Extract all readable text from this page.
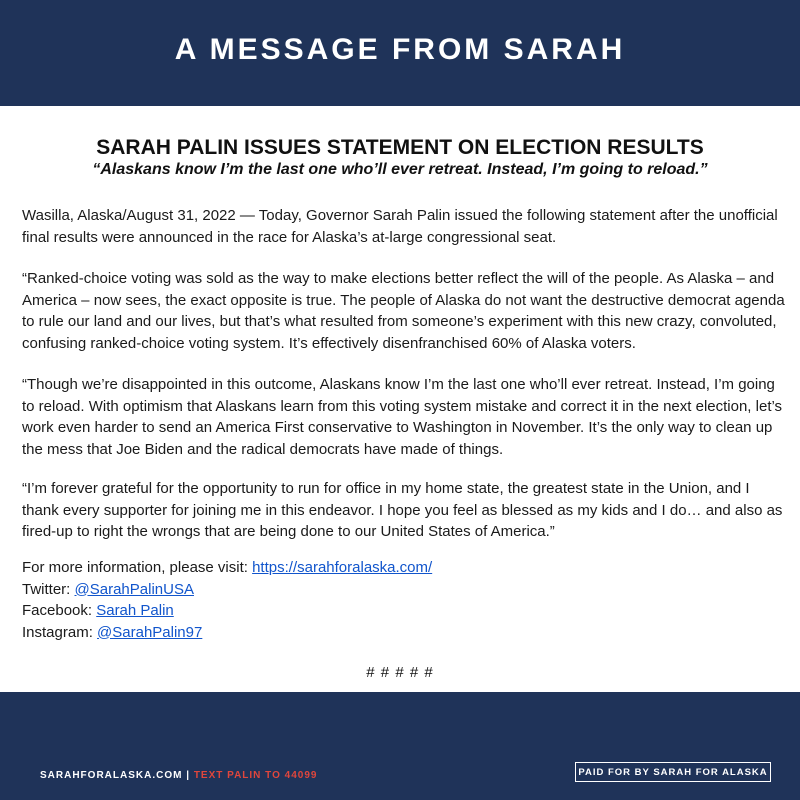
A MESSAGE FROM SARAH
SARAH PALIN ISSUES STATEMENT ON ELECTION RESULTS
“Alaskans know I’m the last one who’ll ever retreat. Instead, I’m going to reload.”

Wasilla, Alaska/August 31, 2022 — Today, Governor Sarah Palin issued the following statement after the unofficial final results were announced in the race for Alaska’s at-large congressional seat.

“Ranked-choice voting was sold as the way to make elections better reflect the will of the people. As Alaska – and America – now sees, the exact opposite is true. The people of Alaska do not want the destructive democrat agenda to rule our land and our lives, but that’s what resulted from someone’s experiment with this new crazy, convoluted, confusing ranked-choice voting system. It’s effectively disenfranchised 60% of Alaska voters.

“Though we’re disappointed in this outcome, Alaskans know I’m the last one who’ll ever retreat. Instead, I’m going to reload. With optimism that Alaskans learn from this voting system mistake and correct it in the next election, let’s work even harder to send an America First conservative to Washington in November. It’s the only way to clean up the mess that Joe Biden and the radical democrats have made of things.

“I’m forever grateful for the opportunity to run for office in my home state, the greatest state in the Union, and I thank every supporter for joining me in this endeavor. I hope you feel as blessed as my kids and I do… and also as fired-up to right the wrongs that are being done to our United States of America.”

For more information, please visit: https://sarahforalaska.com/
Twitter: @SarahPalinUSA
Facebook: Sarah Palin
Instagram: @SarahPalin97
# # # # #
SARAHFORALASKA.COM | TEXT PALIN TO 44099	PAID FOR BY SARAH FOR ALASKA
